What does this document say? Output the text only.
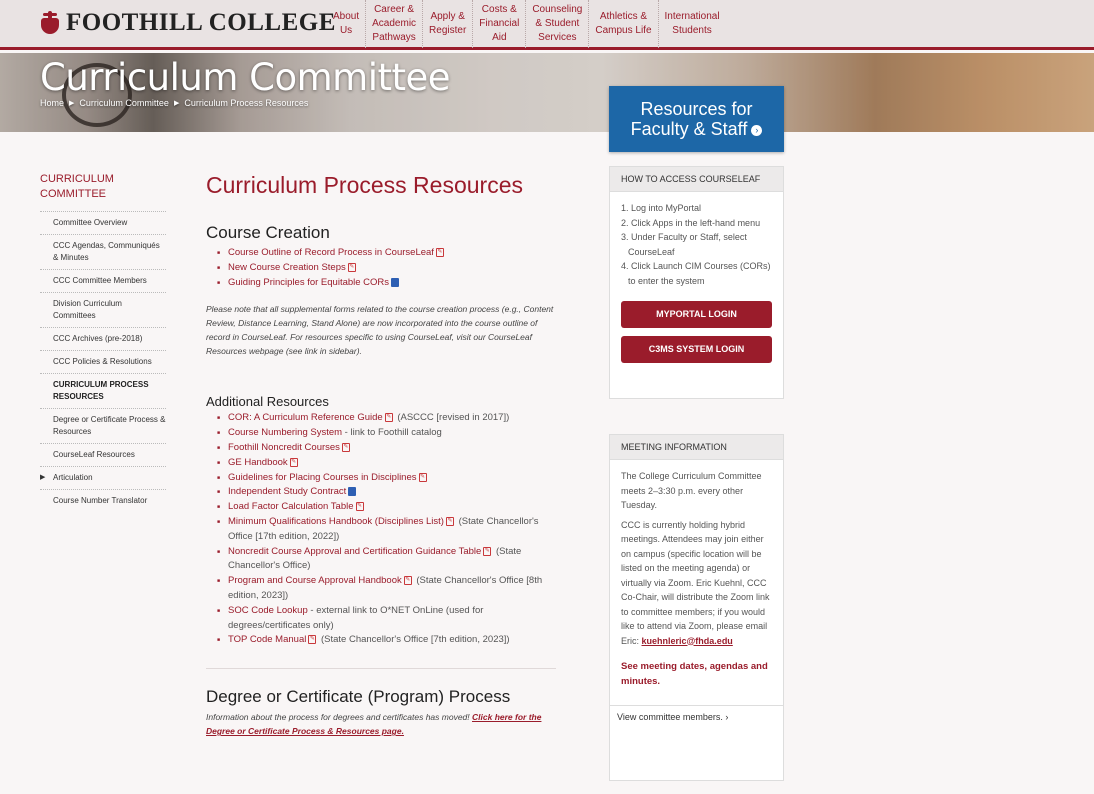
FOOTHILL COLLEGE
About
Us
Career &
Academic
Pathways
Apply &
Register
Costs &
Financial
Aid
Counseling
& Student
Services
Athletics &
Campus Life
International
Students
Curriculum Committee
Home ▶ Curriculum Committee ▶ Curriculum Process Resources	Resources for
Faculty & Staff ›
CURRICULUM
COMMITTEE
Committee Overview
CCC Agendas, Communiqués & Minutes
CCC Committee Members
Division Curriculum Committees
CCC Archives (pre-2018)
CCC Policies & Resolutions
CURRICULUM PROCESS RESOURCES
Degree or Certificate Process & Resources
CourseLeaf Resources
▶ Articulation
Course Number Translator
Curriculum Process Resources
Course Creation
■ Course Outline of Record Process in CourseLeaf ✎
■ New Course Creation Steps ✎
■ Guiding Principles for Equitable CORs

Please note that all supplemental forms related to the course creation process (e.g., Content Review, Distance Learning, Stand Alone) are now incorporated into the course outline of record in CourseLeaf. For resources specific to using CourseLeaf, visit our CourseLeaf Resources webpage (see link in sidebar).

Additional Resources
■ COR: A Curriculum Reference Guide ✎ (ASCCC [revised in 2017])
■ Course Numbering System - link to Foothill catalog
■ Foothill Noncredit Courses ✎
■ GE Handbook ✎
■ Guidelines for Placing Courses in Disciplines ✎
■ Independent Study Contract
■ Load Factor Calculation Table ✎
■ Minimum Qualifications Handbook (Disciplines List) ✎ (State Chancellor's Office [17th edition, 2022])
■ Noncredit Course Approval and Certification Guidance Table ✎ (State Chancellor's Office)
■ Program and Course Approval Handbook ✎ (State Chancellor's Office [8th edition, 2023])
■ SOC Code Lookup - external link to O*NET OnLine (used for degrees/certificates only)
■ TOP Code Manual ✎ (State Chancellor's Office [7th edition, 2023])
Degree or Certificate (Program) Process

Information about the process for degrees and certificates has moved! Click here for the Degree or Certificate Process & Resources page.

HOW TO ACCESS COURSELEAF
1. Log into MyPortal
2. Click Apps in the left-hand menu
3. Under Faculty or Staff, select CourseLeaf
4. Click Launch CIM Courses (CORs) to enter the system
MYPORTAL LOGIN
C3MS SYSTEM LOGIN
MEETING INFORMATION

The College Curriculum Committee meets 2–3:30 p.m. every other Tuesday.

CCC is currently holding hybrid meetings. Attendees may join either on campus (specific location will be listed on the meeting agenda) or virtually via Zoom. Eric Kuehnl, CCC Co-Chair, will distribute the Zoom link to committee members; if you would like to attend via Zoom, please email Eric: kuehnleric@fhda.edu

See meeting dates, agendas and minutes.

View committee members. ›
